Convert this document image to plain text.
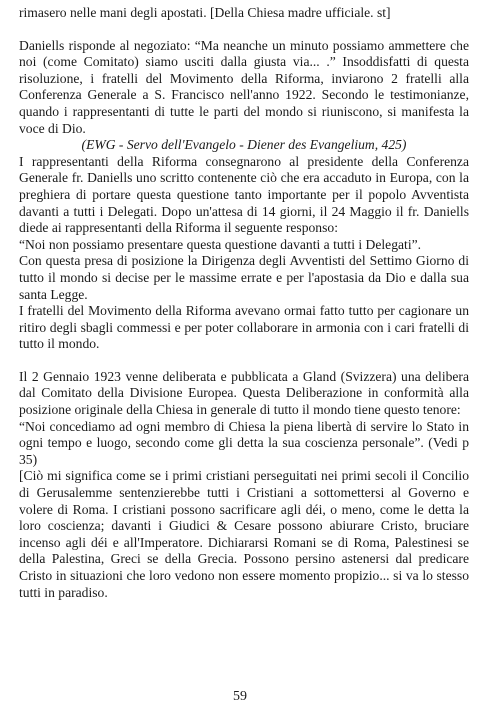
rimasero nelle mani degli apostati. [Della Chiesa madre ufficiale. st]

Daniells risponde al negoziato: “Ma neanche un minuto possiamo ammettere che noi (come Comitato) siamo usciti dalla giusta via... .” Insoddisfatti di questa risoluzione, i fratelli del Movimento della Riforma, inviarono 2 fratelli alla Conferenza Generale a S. Francisco nell'anno 1922. Secondo le testimonianze, quando i rappresentanti di tutte le parti del mondo si riuniscono, si manifesta la voce di Dio.

(EWG - Servo dell'Evangelo - Diener des Evangelium, 425)

I rappresentanti della Riforma consegnarono al presidente della Conferenza Generale fr. Daniells uno scritto contenente ciò che era accaduto in Europa, con la preghiera di portare questa questione tanto importante per il popolo Avventista davanti a tutti i Delegati. Dopo un'attesa di 14 giorni, il 24 Maggio il fr. Daniells diede ai rappresentanti della Riforma il seguente responso:

“Noi non possiamo presentare questa questione davanti a tutti i Delegati”.

Con questa presa di posizione la Dirigenza degli Avventisti del Settimo Giorno di tutto il mondo si decise per le massime errate e per l'apostasia da Dio e dalla sua santa Legge.

I fratelli del Movimento della Riforma avevano ormai fatto tutto per cagionare un ritiro degli sbagli commessi e per poter collaborare in armonia con i cari fratelli di tutto il mondo.

Il 2 Gennaio 1923 venne deliberata e pubblicata a Gland (Svizzera) una delibera dal Comitato della Divisione Europea. Questa Deliberazione in conformità alla posizione originale della Chiesa in generale di tutto il mondo tiene questo tenore:

“Noi concediamo ad ogni membro di Chiesa la piena libertà di servire lo Stato in ogni tempo e luogo, secondo come gli detta la sua coscienza personale”. (Vedi p 35)

[Ciò mi significa come se i primi cristiani perseguitati nei primi secoli il Concilio di Gerusalemme sentenzierebbe tutti i Cristiani a sottomettersi al Governo e volere di Roma. I cristiani possono sacrificare agli déi, o meno, come le detta la loro coscienza; davanti i Giudici & Cesare possono abiurare Cristo, bruciare incenso agli déi e all'Imperatore. Dichiararsi Romani se di Roma, Palestinesi se della Palestina, Greci se della Grecia. Possono persino astenersi dal predicare Cristo in situazioni che loro vedono non essere momento propizio... si va lo stesso tutti in paradiso.

59
